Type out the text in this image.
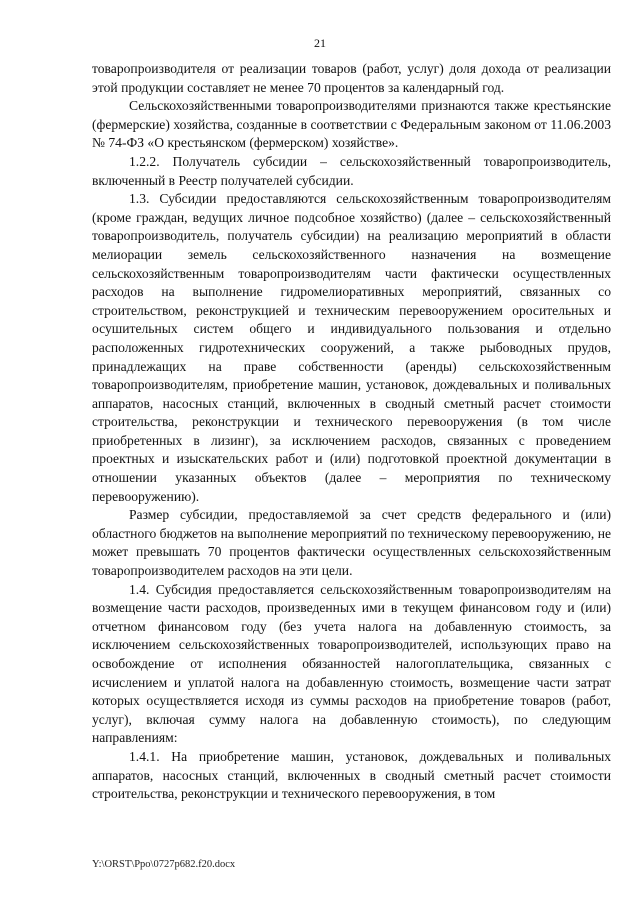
21

товаропроизводителя от реализации товаров (работ, услуг) доля дохода от реализации этой продукции составляет не менее 70 процентов за календарный год.

Сельскохозяйственными товаропроизводителями признаются также крестьянские (фермерские) хозяйства, созданные в соответствии с Федеральным законом от 11.06.2003 № 74-ФЗ «О крестьянском (фермерском) хозяйстве».

1.2.2. Получатель субсидии – сельскохозяйственный товаропроизводитель, включенный в Реестр получателей субсидии.

1.3. Субсидии предоставляются сельскохозяйственным товаропроизводителям (кроме граждан, ведущих личное подсобное хозяйство) (далее – сельскохозяйственный товаропроизводитель, получатель субсидии) на реализацию мероприятий в области мелиорации земель сельскохозяйственного назначения на возмещение сельскохозяйственным товаропроизводителям части фактически осуществленных расходов на выполнение гидромелиоративных мероприятий, связанных со строительством, реконструкцией и техническим перевооружением оросительных и осушительных систем общего и индивидуального пользования и отдельно расположенных гидротехнических сооружений, а также рыбоводных прудов, принадлежащих на праве собственности (аренды) сельскохозяйственным товаропроизводителям, приобретение машин, установок, дождевальных и поливальных аппаратов, насосных станций, включенных в сводный сметный расчет стоимости строительства, реконструкции и технического перевооружения (в том числе приобретенных в лизинг), за исключением расходов, связанных с проведением проектных и изыскательских работ и (или) подготовкой проектной документации в отношении указанных объектов (далее – мероприятия по техническому перевооружению).

Размер субсидии, предоставляемой за счет средств федерального и (или) областного бюджетов на выполнение мероприятий по техническому перевооружению, не может превышать 70 процентов фактически осуществленных сельскохозяйственным товаропроизводителем расходов на эти цели.

1.4. Субсидия предоставляется сельскохозяйственным товаропроизводителям на возмещение части расходов, произведенных ими в текущем финансовом году и (или) отчетном финансовом году (без учета налога на добавленную стоимость, за исключением сельскохозяйственных товаропроизводителей, использующих право на освобождение от исполнения обязанностей налогоплательщика, связанных с исчислением и уплатой налога на добавленную стоимость, возмещение части затрат которых осуществляется исходя из суммы расходов на приобретение товаров (работ, услуг), включая сумму налога на добавленную стоимость), по следующим направлениям:

1.4.1. На приобретение машин, установок, дождевальных и поливальных аппаратов, насосных станций, включенных в сводный сметный расчет стоимости строительства, реконструкции и технического перевооружения, в том

Y:\ORST\Ppo\0727p682.f20.docx
